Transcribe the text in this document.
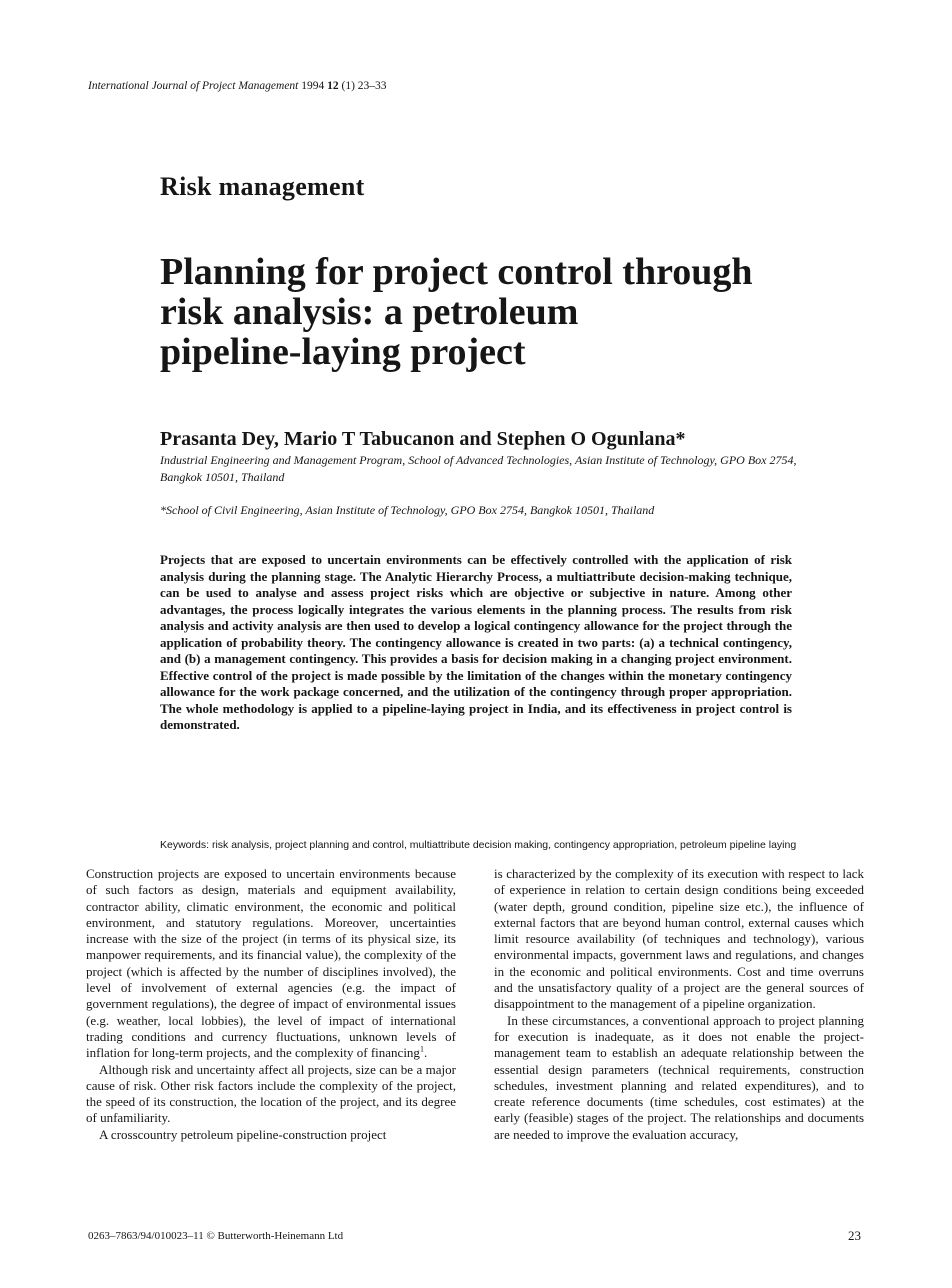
International Journal of Project Management 1994 12 (1) 23–33
Risk management
Planning for project control through
risk analysis: a petroleum
pipeline-laying project
Prasanta Dey, Mario T Tabucanon and Stephen O Ogunlana*
Industrial Engineering and Management Program, School of Advanced Technologies, Asian Institute of Technology, GPO Box 2754, Bangkok 10501, Thailand
*School of Civil Engineering, Asian Institute of Technology, GPO Box 2754, Bangkok 10501, Thailand

Projects that are exposed to uncertain environments can be effectively controlled with the application of risk analysis during the planning stage. The Analytic Hierarchy Process, a multiattribute decision-making technique, can be used to analyse and assess project risks which are objective or subjective in nature. Among other advantages, the process logically integrates the various elements in the planning process. The results from risk analysis and activity analysis are then used to develop a logical contingency allowance for the project through the application of probability theory. The contingency allowance is created in two parts: (a) a technical contingency, and (b) a management contingency. This provides a basis for decision making in a changing project environment. Effective control of the project is made possible by the limitation of the changes within the monetary contingency allowance for the work package concerned, and the utilization of the contingency through proper appropriation. The whole methodology is applied to a pipeline-laying project in India, and its effectiveness in project control is demonstrated.

Keywords: risk analysis, project planning and control, multiattribute decision making, contingency appropriation, petroleum pipeline laying

Construction projects are exposed to uncertain environments because of such factors as design, materials and equipment availability, contractor ability, climatic environment, the economic and political environment, and statutory regulations. Moreover, uncertainties increase with the size of the project (in terms of its physical size, its manpower requirements, and its financial value), the complexity of the project (which is affected by the number of disciplines involved), the level of involvement of external agencies (e.g. the impact of government regulations), the degree of impact of environmental issues (e.g. weather, local lobbies), the level of impact of international trading conditions and currency fluctuations, unknown levels of inflation for long-term projects, and the complexity of financing$^1$.

Although risk and uncertainty affect all projects, size can be a major cause of risk. Other risk factors include the complexity of the project, the speed of its construction, the location of the project, and its degree of unfamiliarity.

A crosscountry petroleum pipeline-construction project

is characterized by the complexity of its execution with respect to lack of experience in relation to certain design conditions being exceeded (water depth, ground condition, pipeline size etc.), the influence of external factors that are beyond human control, external causes which limit resource availability (of techniques and technology), various environmental impacts, government laws and regulations, and changes in the economic and political environments. Cost and time overruns and the unsatisfactory quality of a project are the general sources of disappointment to the management of a pipeline organization.

In these circumstances, a conventional approach to project planning for execution is inadequate, as it does not enable the project-management team to establish an adequate relationship between the essential design parameters (technical requirements, construction schedules, investment planning and related expenditures), and to create reference documents (time schedules, cost estimates) at the early (feasible) stages of the project. The relationships and documents are needed to improve the evaluation accuracy,

0263–7863/94/010023–11 © Butterworth-Heinemann Ltd	23
